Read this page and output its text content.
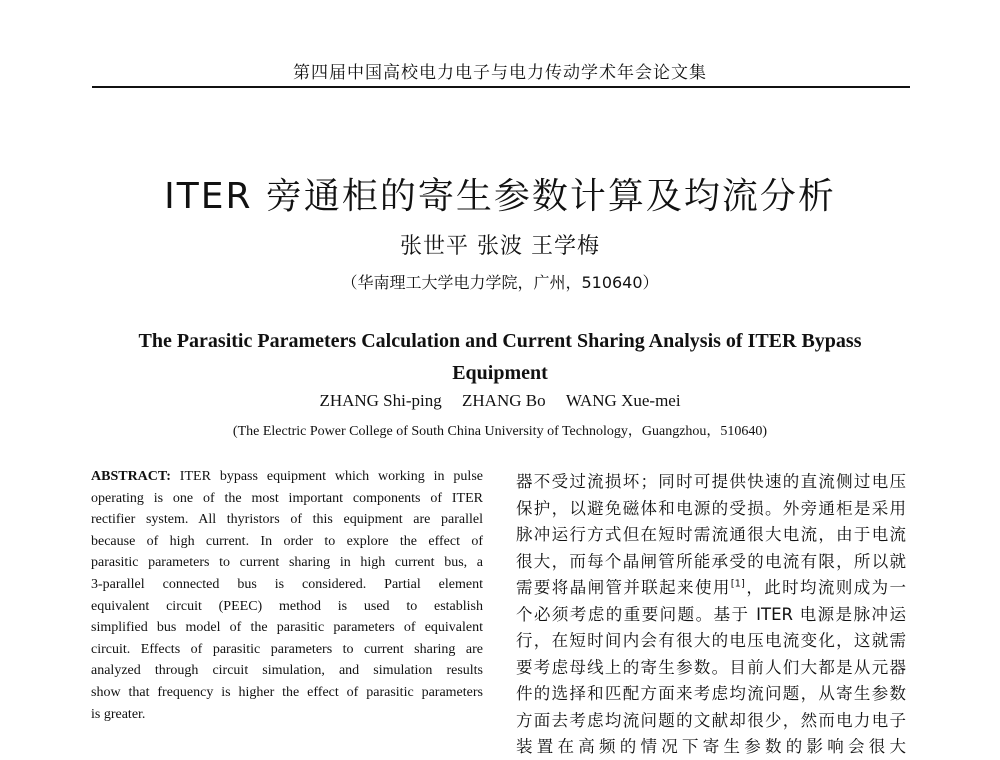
第四届中国高校电力电子与电力传动学术年会论文集
ITER 旁通柜的寄生参数计算及均流分析
张世平 张波 王学梅
（华南理工大学电力学院，广州，510640）
The Parasitic Parameters Calculation and Current Sharing Analysis of ITER Bypass Equipment
ZHANG Shi-ping ZHANG Bo WANG Xue-mei
(The Electric Power College of South China University of Technology，Guangzhou，510640)
ABSTRACT: ITER bypass equipment which working in pulse
operating is one of the most important components of ITER
rectifier system. All thyristors of this equipment are parallel
because of high current. In order to explore the effect of
parasitic parameters to current sharing in high current bus, a
3-parallel connected bus is considered. Partial element
equivalent circuit (PEEC) method is used to establish
simplified bus model of the parasitic parameters of equivalent
circuit. Effects of parasitic parameters to current sharing are
analyzed through circuit simulation, and simulation results
show that frequency is higher the effect of parasitic parameters
is greater.
器不受过流损坏；同时可提供快速的直流侧过电压
保护，以避免磁体和电源的受损。外旁通柜是采用
脉冲运行方式但在短时需流通很大电流，由于电流
很大，而每个晶闸管所能承受的电流有限，所以就
需要将晶闸管并联起来使用[1]，此时均流则成为一
个必须考虑的重要问题。基于 ITER 电源是脉冲运
行，在短时间内会有很大的电压电流变化，这就需
要考虑母线上的寄生参数。目前人们大都是从元器
件的选择和匹配方面来考虑均流问题，从寄生参数
方面去考虑均流问题的文献却很少，然而电力电子
装置在高频的情况下寄生参数的影响会很大
